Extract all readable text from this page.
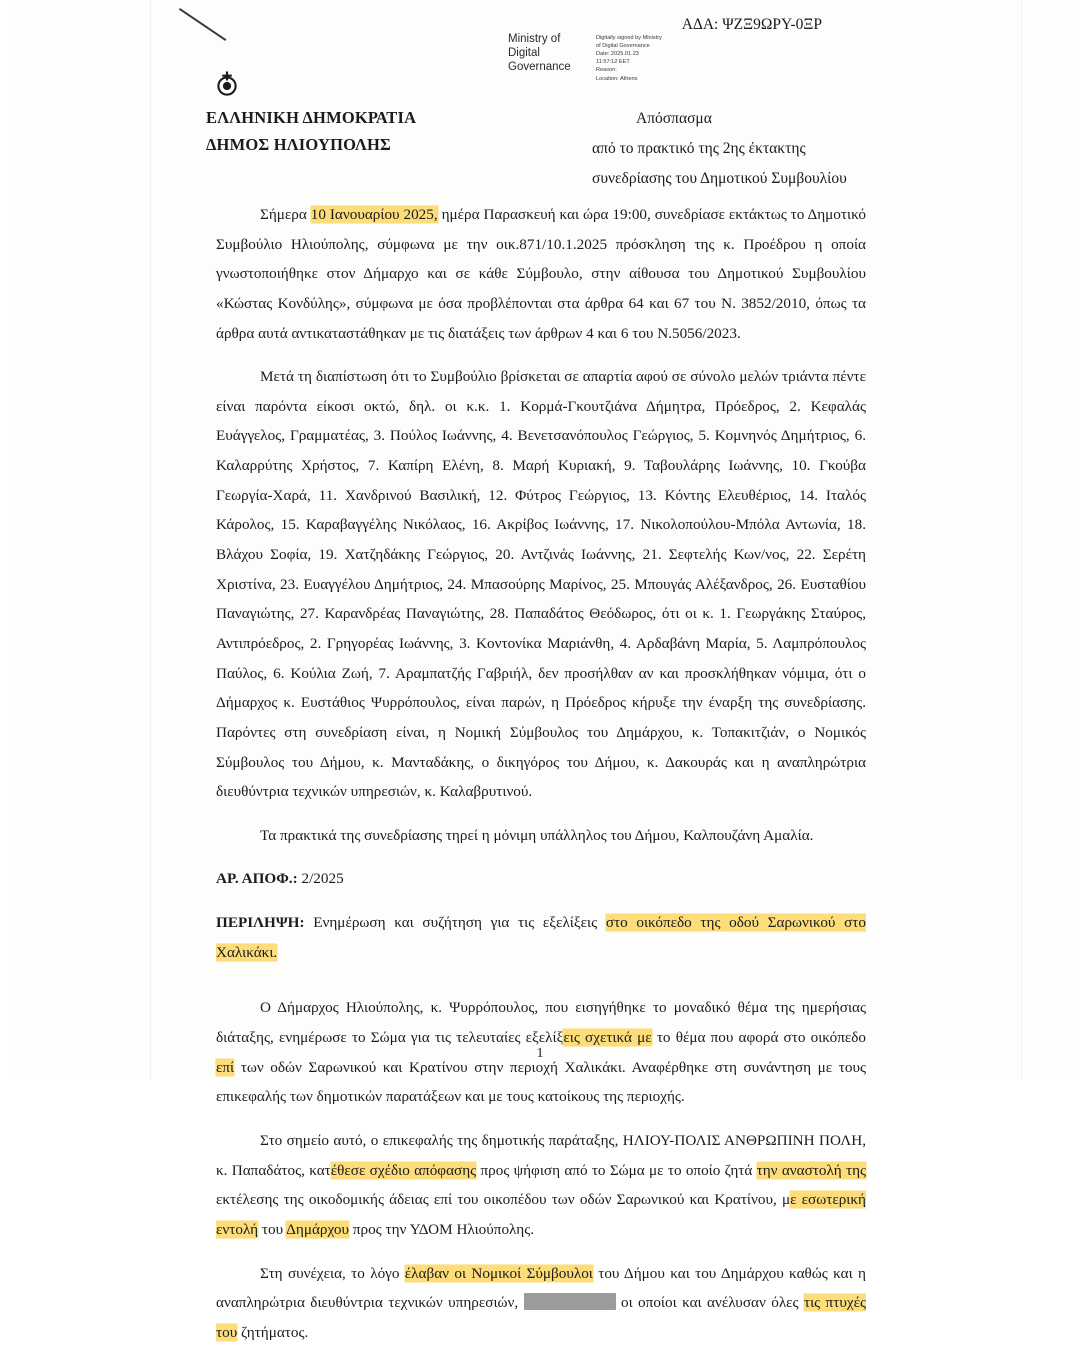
ΑΔΑ: ΨΖΞ9ΩΡΥ-0ΞΡ
Ministry of Digital Governance
Digitally signed by Ministry
of Digital Governance
Date: 2025.01.23
11:57:12 EET
Reason:
Location: Athens
ΕΛΛΗΝΙΚΗ ΔΗΜΟΚΡΑΤΙΑ
ΔΗΜΟΣ ΗΛΙΟΥΠΟΛΗΣ
Απόσπασμα
από το πρακτικό της 2ης έκτακτης
συνεδρίασης του Δημοτικού Συμβουλίου

Σήμερα 10 Ιανουαρίου 2025, ημέρα Παρασκευή και ώρα 19:00, συνεδρίασε εκτάκτως το Δημοτικό Συμβούλιο Ηλιούπολης, σύμφωνα με την οικ.871/10.1.2025 πρόσκληση της κ. Προέδρου η οποία γνωστοποιήθηκε στον Δήμαρχο και σε κάθε Σύμβουλο, στην αίθουσα του Δημοτικού Συμβουλίου «Κώστας Κονδύλης», σύμφωνα με όσα προβλέπονται στα άρθρα 64 και 67 του Ν. 3852/2010, όπως τα άρθρα αυτά αντικαταστάθηκαν με τις διατάξεις των άρθρων 4 και 6 του Ν.5056/2023.

Μετά τη διαπίστωση ότι το Συμβούλιο βρίσκεται σε απαρτία αφού σε σύνολο μελών τριάντα πέντε είναι παρόντα είκοσι οκτώ, δηλ. οι κ.κ. 1. Κορμά-Γκουτζιάνα Δήμητρα, Πρόεδρος, 2. Κεφαλάς Ευάγγελος, Γραμματέας, 3. Πούλος Ιωάννης, 4. Βενετσανόπουλος Γεώργιος, 5. Κομνηνός Δημήτριος, 6. Καλαρρύτης Χρήστος, 7. Καπίρη Ελένη, 8. Μαρή Κυριακή, 9. Ταβουλάρης Ιωάννης, 10. Γκούβα Γεωργία-Χαρά, 11. Χανδρινού Βασιλική, 12. Φύτρος Γεώργιος, 13. Κόντης Ελευθέριος, 14. Ιταλός Κάρολος, 15. Καραβαγγέλης Νικόλαος, 16. Ακρίβος Ιωάννης, 17. Νικολοπούλου-Μπόλα Αντωνία, 18. Βλάχου Σοφία, 19. Χατζηδάκης Γεώργιος, 20. Αντζινάς Ιωάννης, 21. Σεφτελής Κων/νος, 22. Σερέτη Χριστίνα, 23. Ευαγγέλου Δημήτριος, 24. Μπασούρης Μαρίνος, 25. Μπουγάς Αλέξανδρος, 26. Ευσταθίου Παναγιώτης, 27. Καρανδρέας Παναγιώτης, 28. Παπαδάτος Θεόδωρος, ότι οι κ. 1. Γεωργάκης Σταύρος, Αντιπρόεδρος, 2. Γρηγορέας Ιωάννης, 3. Κοντονίκα Μαριάνθη, 4. Αρδαβάνη Μαρία, 5. Λαμπρόπουλος Παύλος, 6. Κούλια Ζωή, 7. Αραμπατζής Γαβριήλ, δεν προσήλθαν αν και προσκλήθηκαν νόμιμα, ότι ο Δήμαρχος κ. Ευστάθιος Ψυρρόπουλος, είναι παρών, η Πρόεδρος κήρυξε την έναρξη της συνεδρίασης. Παρόντες στη συνεδρίαση είναι, η Νομική Σύμβουλος του Δημάρχου, κ. Τοπακιτζιάν, ο Νομικός Σύμβουλος του Δήμου, κ. Μανταδάκης, ο δικηγόρος του Δήμου, κ. Δακουράς και η αναπληρώτρια διευθύντρια τεχνικών υπηρεσιών, κ. Καλαβρυτινού.

Τα πρακτικά της συνεδρίασης τηρεί η μόνιμη υπάλληλος του Δήμου, Καλπουζάνη Αμαλία.

ΑΡ. ΑΠΟΦ.: 2/2025

ΠΕΡΙΛΗΨΗ: Ενημέρωση και συζήτηση για τις εξελίξεις στο οικόπεδο της οδού Σαρωνικού στο Χαλικάκι.

Ο Δήμαρχος Ηλιούπολης, κ. Ψυρρόπουλος, που εισηγήθηκε το μοναδικό θέμα της ημερήσιας διάταξης, ενημέρωσε το Σώμα για τις τελευταίες εξελίξεις σχετικά με το θέμα που αφορά στο οικόπεδο επί των οδών Σαρωνικού και Κρατίνου στην περιοχή Χαλικάκι. Αναφέρθηκε στη συνάντηση με τους επικεφαλής των δημοτικών παρατάξεων και με τους κατοίκους της περιοχής.

Στο σημείο αυτό, ο επικεφαλής της δημοτικής παράταξης, ΗΛΙΟΥ-ΠΟΛΙΣ ΑΝΘΡΩΠΙΝΗ ΠΟΛΗ, κ. Παπαδάτος, κατέθεσε σχέδιο απόφασης προς ψήφιση από το Σώμα με το οποίο ζητά την αναστολή της εκτέλεσης της οικοδομικής άδειας επί του οικοπέδου των οδών Σαρωνικού και Κρατίνου, με εσωτερική εντολή του Δημάρχου προς την ΥΔΟΜ Ηλιούπολης.

Στη συνέχεια, το λόγο έλαβαν οι Νομικοί Σύμβουλοι του Δήμου και του Δημάρχου καθώς και η αναπληρώτρια διευθύντρια τεχνικών υπηρεσιών,	οι οποίοι και ανέλυσαν όλες τις πτυχές του ζητήματος.

1
